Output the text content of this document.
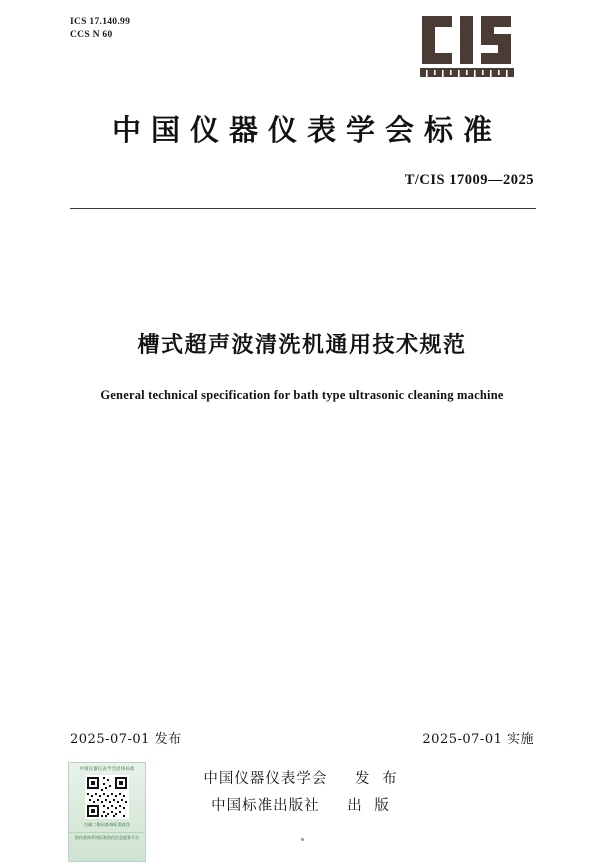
ICS 17.140.99
CCS N 60
中国仪器仪表学会标准
T/CIS 17009—2025
槽式超声波清洗机通用技术规范
General technical specification for bath type ultrasonic cleaning machine
2025-07-01 发布	2025-07-01 实施
中国仪器仪表学会 发 布
中国标准出版社 出 版
中国仪器仪表学会团体标准
扫描二维码查询标准真伪
防伪查询系统标准防伪信息服务平台
